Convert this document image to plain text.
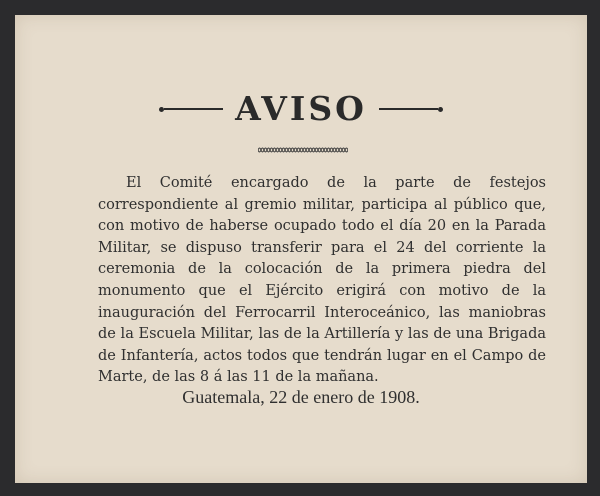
AVISO

El Comité encargado de la parte de festejos correspondiente al gremio militar, participa al público que, con motivo de haberse ocupado todo el día 20 en la Parada Militar, se dispuso transferir para el 24 del corriente la ceremonia de la colocación de la primera piedra del monumento que el Ejército erigirá con motivo de la inauguración del Ferrocarril Interoceánico, las maniobras de la Escuela Militar, las de la Artillería y las de una Brigada de Infantería, actos todos que tendrán lugar en el Campo de Marte, de las 8 á las 11 de la mañana.

Guatemala, 22 de enero de 1908.
